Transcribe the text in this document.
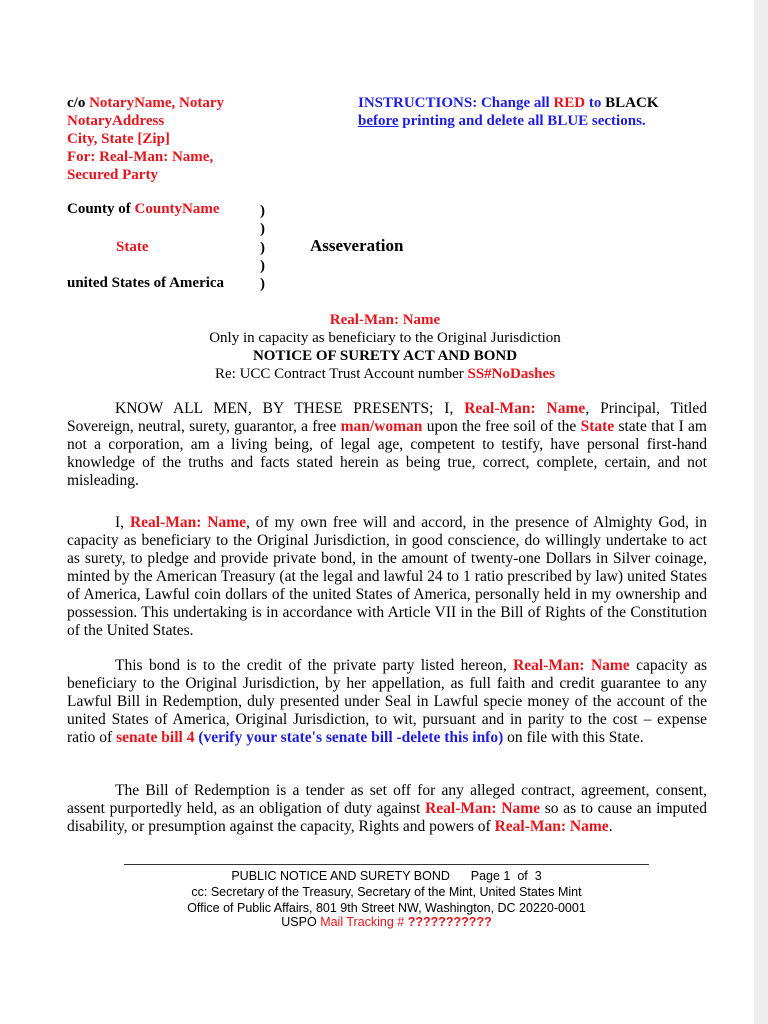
c/o NotaryName, Notary
NotaryAddress
City, State [Zip]
For: Real-Man: Name,
Secured Party
INSTRUCTIONS: Change all RED to BLACK
before printing and delete all BLUE sections.
County of CountyName
State
united States of America
)
)
)
)
)
Asseveration
Real-Man: Name
Only in capacity as beneficiary to the Original Jurisdiction
NOTICE OF SURETY ACT AND BOND
Re: UCC Contract Trust Account number SS#NoDashes
KNOW ALL MEN, BY THESE PRESENTS; I, Real-Man: Name, Principal, Titled Sovereign, neutral, surety, guarantor, a free man/woman upon the free soil of the State state that I am not a corporation, am a living being, of legal age, competent to testify, have personal first-hand knowledge of the truths and facts stated herein as being true, correct, complete, certain, and not misleading.
I, Real-Man: Name, of my own free will and accord, in the presence of Almighty God, in capacity as beneficiary to the Original Jurisdiction, in good conscience, do willingly undertake to act as surety, to pledge and provide private bond, in the amount of twenty-one Dollars in Silver coinage, minted by the American Treasury (at the legal and lawful 24 to 1 ratio prescribed by law) united States of America, Lawful coin dollars of the united States of America, personally held in my ownership and possession. This undertaking is in accordance with Article VII in the Bill of Rights of the Constitution of the United States.
This bond is to the credit of the private party listed hereon, Real-Man: Name capacity as beneficiary to the Original Jurisdiction, by her appellation, as full faith and credit guarantee to any Lawful Bill in Redemption, duly presented under Seal in Lawful specie money of the account of the united States of America, Original Jurisdiction, to wit, pursuant and in parity to the cost – expense ratio of senate bill 4 (verify your state's senate bill -delete this info) on file with this State.
The Bill of Redemption is a tender as set off for any alleged contract, agreement, consent, assent purportedly held, as an obligation of duty against Real-Man: Name so as to cause an imputed disability, or presumption against the capacity, Rights and powers of Real-Man: Name.
PUBLIC NOTICE AND SURETY BOND Page 1 of 3
cc: Secretary of the Treasury, Secretary of the Mint, United States Mint
Office of Public Affairs, 801 9th Street NW, Washington, DC 20220-0001
USPO Mail Tracking # ???????????
